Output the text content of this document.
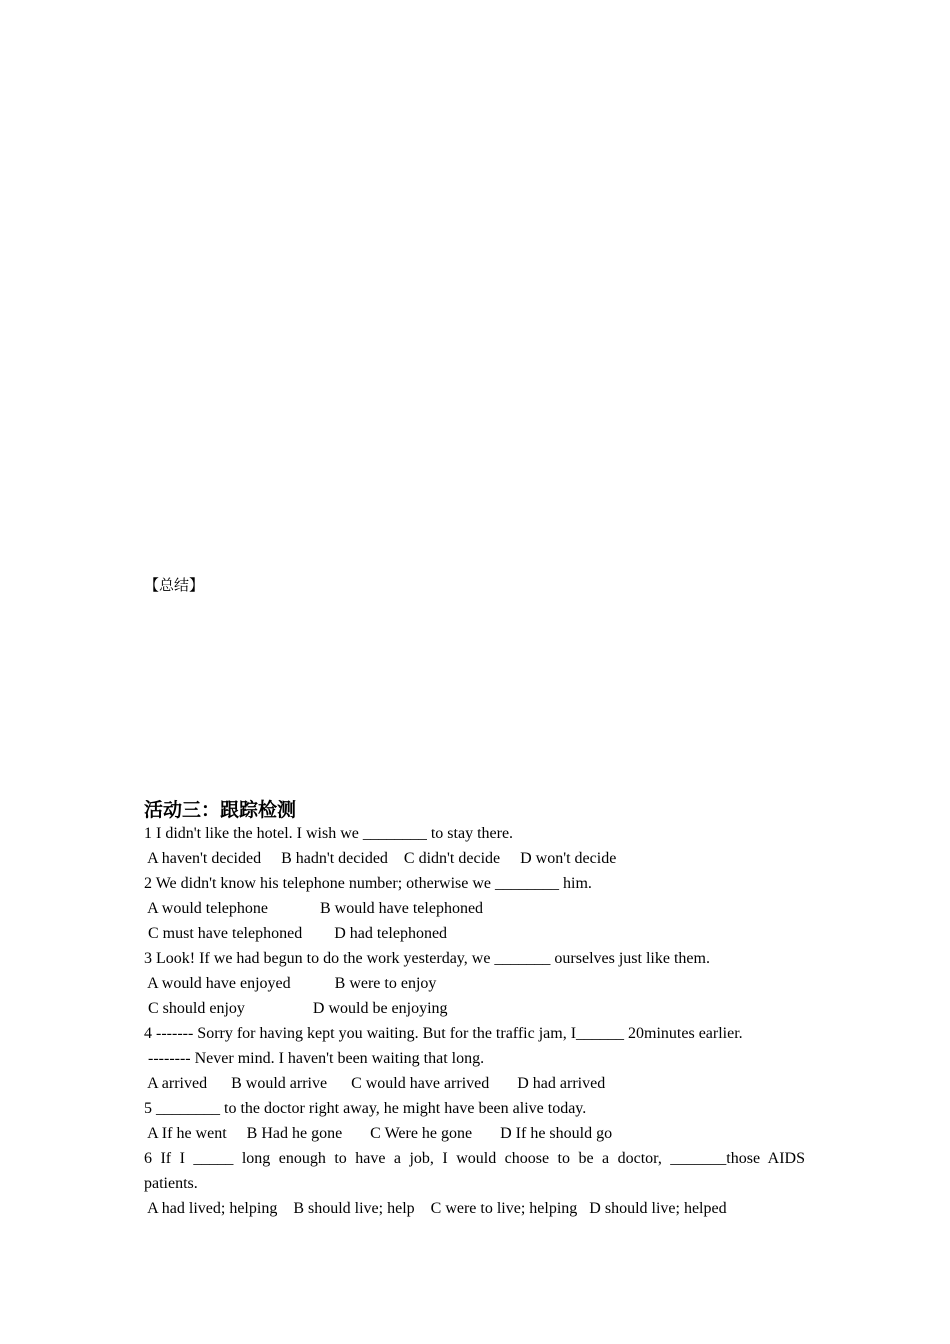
【总结】
活动三：跟踪检测
1 I didn't like the hotel. I wish we ________ to stay there.
A haven't decided     B hadn't decided    C didn't decide     D won't decide
2 We didn't know his telephone number; otherwise we ________ him.
A would telephone             B would have telephoned
C must have telephoned        D had telephoned
3 Look! If we had begun to do the work yesterday, we _______ ourselves just like them.
A would have enjoyed           B were to enjoy
C should enjoy                 D would be enjoying
4 ------- Sorry for having kept you waiting. But for the traffic jam, I______ 20minutes earlier.
-------- Never mind. I haven't been waiting that long.
A arrived      B would arrive      C would have arrived       D had arrived
5 ________ to the doctor right away, he might have been alive today.
A If he went     B Had he gone       C Were he gone       D If he should go
6 If I _____ long enough to have a job, I would choose to be a doctor, _______those AIDS
patients.
A had lived; helping    B should live; help    C were to live; helping   D should live; helped
